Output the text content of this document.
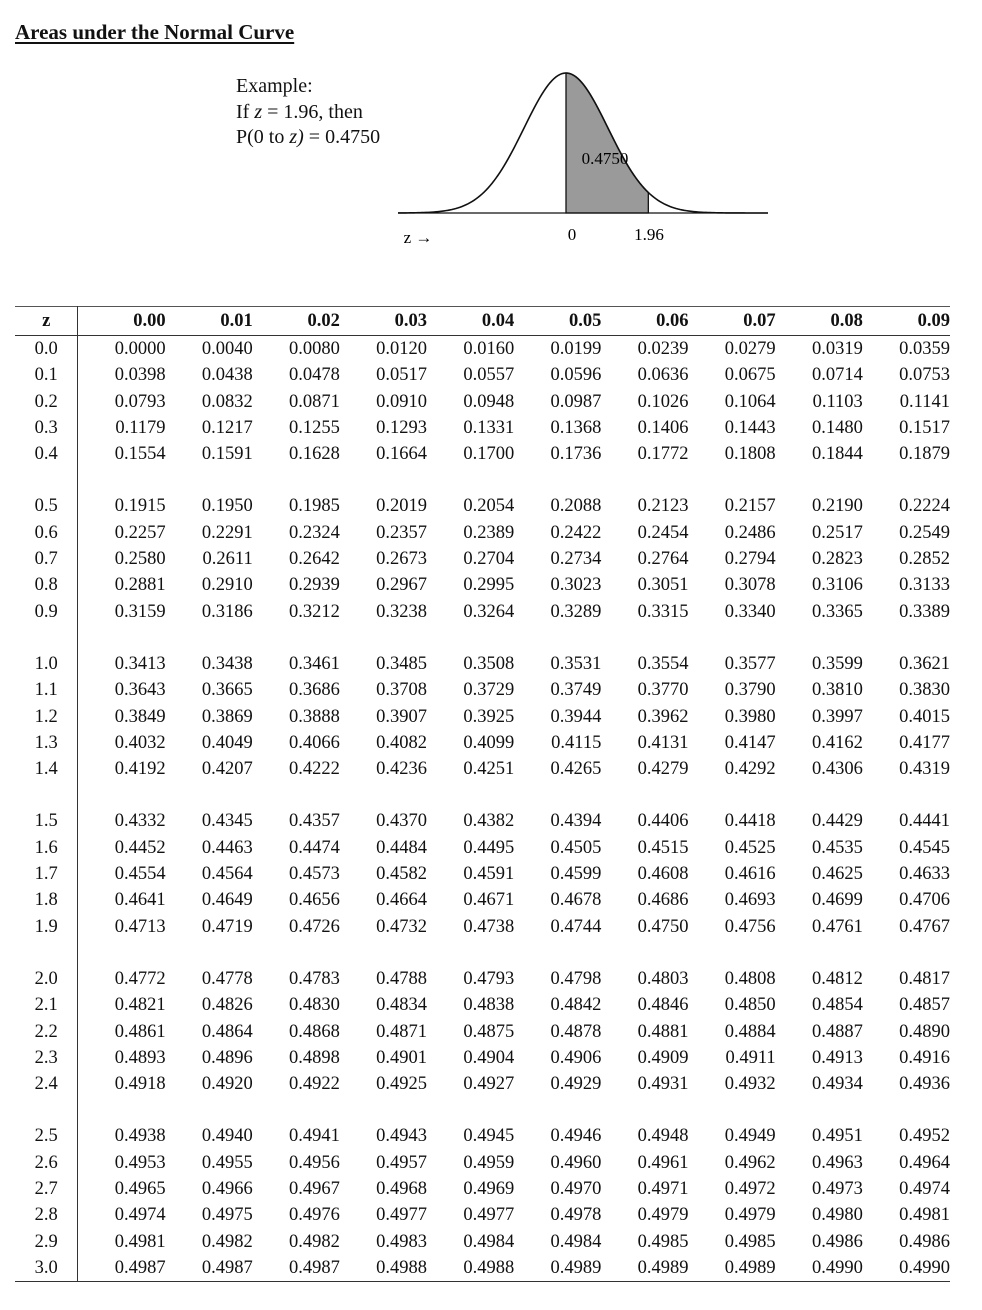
Areas under the Normal Curve
Example:
If z = 1.96, then
P(0 to z) = 0.4750
0.4750
z →	0	1.96
z	0.00	0.01	0.02	0.03	0.04	0.05	0.06	0.07	0.08	0.09
0.0	0.0000	0.0040	0.0080	0.0120	0.0160	0.0199	0.0239	0.0279	0.0319	0.0359
0.1	0.0398	0.0438	0.0478	0.0517	0.0557	0.0596	0.0636	0.0675	0.0714	0.0753
0.2	0.0793	0.0832	0.0871	0.0910	0.0948	0.0987	0.1026	0.1064	0.1103	0.1141
0.3	0.1179	0.1217	0.1255	0.1293	0.1331	0.1368	0.1406	0.1443	0.1480	0.1517
0.4	0.1554	0.1591	0.1628	0.1664	0.1700	0.1736	0.1772	0.1808	0.1844	0.1879

0.5	0.1915	0.1950	0.1985	0.2019	0.2054	0.2088	0.2123	0.2157	0.2190	0.2224
0.6	0.2257	0.2291	0.2324	0.2357	0.2389	0.2422	0.2454	0.2486	0.2517	0.2549
0.7	0.2580	0.2611	0.2642	0.2673	0.2704	0.2734	0.2764	0.2794	0.2823	0.2852
0.8	0.2881	0.2910	0.2939	0.2967	0.2995	0.3023	0.3051	0.3078	0.3106	0.3133
0.9	0.3159	0.3186	0.3212	0.3238	0.3264	0.3289	0.3315	0.3340	0.3365	0.3389

1.0	0.3413	0.3438	0.3461	0.3485	0.3508	0.3531	0.3554	0.3577	0.3599	0.3621
1.1	0.3643	0.3665	0.3686	0.3708	0.3729	0.3749	0.3770	0.3790	0.3810	0.3830
1.2	0.3849	0.3869	0.3888	0.3907	0.3925	0.3944	0.3962	0.3980	0.3997	0.4015
1.3	0.4032	0.4049	0.4066	0.4082	0.4099	0.4115	0.4131	0.4147	0.4162	0.4177
1.4	0.4192	0.4207	0.4222	0.4236	0.4251	0.4265	0.4279	0.4292	0.4306	0.4319

1.5	0.4332	0.4345	0.4357	0.4370	0.4382	0.4394	0.4406	0.4418	0.4429	0.4441
1.6	0.4452	0.4463	0.4474	0.4484	0.4495	0.4505	0.4515	0.4525	0.4535	0.4545
1.7	0.4554	0.4564	0.4573	0.4582	0.4591	0.4599	0.4608	0.4616	0.4625	0.4633
1.8	0.4641	0.4649	0.4656	0.4664	0.4671	0.4678	0.4686	0.4693	0.4699	0.4706
1.9	0.4713	0.4719	0.4726	0.4732	0.4738	0.4744	0.4750	0.4756	0.4761	0.4767

2.0	0.4772	0.4778	0.4783	0.4788	0.4793	0.4798	0.4803	0.4808	0.4812	0.4817
2.1	0.4821	0.4826	0.4830	0.4834	0.4838	0.4842	0.4846	0.4850	0.4854	0.4857
2.2	0.4861	0.4864	0.4868	0.4871	0.4875	0.4878	0.4881	0.4884	0.4887	0.4890
2.3	0.4893	0.4896	0.4898	0.4901	0.4904	0.4906	0.4909	0.4911	0.4913	0.4916
2.4	0.4918	0.4920	0.4922	0.4925	0.4927	0.4929	0.4931	0.4932	0.4934	0.4936

2.5	0.4938	0.4940	0.4941	0.4943	0.4945	0.4946	0.4948	0.4949	0.4951	0.4952
2.6	0.4953	0.4955	0.4956	0.4957	0.4959	0.4960	0.4961	0.4962	0.4963	0.4964
2.7	0.4965	0.4966	0.4967	0.4968	0.4969	0.4970	0.4971	0.4972	0.4973	0.4974
2.8	0.4974	0.4975	0.4976	0.4977	0.4977	0.4978	0.4979	0.4979	0.4980	0.4981
2.9	0.4981	0.4982	0.4982	0.4983	0.4984	0.4984	0.4985	0.4985	0.4986	0.4986
3.0	0.4987	0.4987	0.4987	0.4988	0.4988	0.4989	0.4989	0.4989	0.4990	0.4990
